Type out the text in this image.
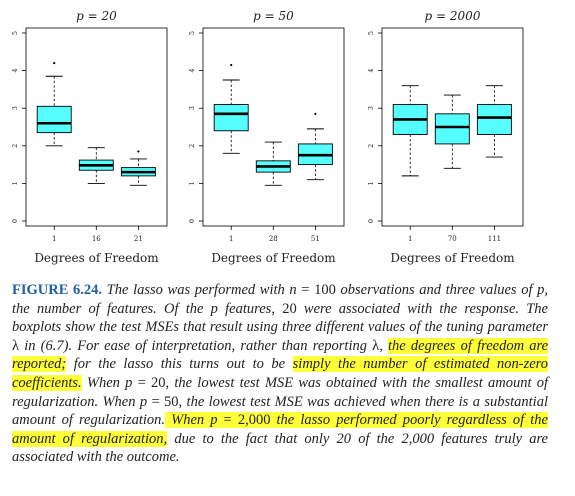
p = 20
Degrees of Freedom
0
1
2
3
4
5
1	16	21
p = 50
Degrees of Freedom
0
1
2
3
4
5
1	28	51
p = 2000
Degrees of Freedom
0
1
2
3
4
5
1	70	111
FIGURE 6.24. The lasso was performed with n = 100 observations and three values of p, the number of features. Of the p features, 20 were associated with the response. The boxplots show the test MSEs that result using three different values of the tuning parameter λ in (6.7). For ease of interpretation, rather than reporting λ, the degrees of freedom are reported; for the lasso this turns out to be simply the number of estimated non-zero coefficients. When p = 20, the lowest test MSE was obtained with the smallest amount of regularization. When p = 50, the lowest test MSE was achieved when there is a substantial amount of regularization. When p = 2,000 the lasso performed poorly regardless of the amount of regularization, due to the fact that only 20 of the 2,000 features truly are associated with the outcome.
